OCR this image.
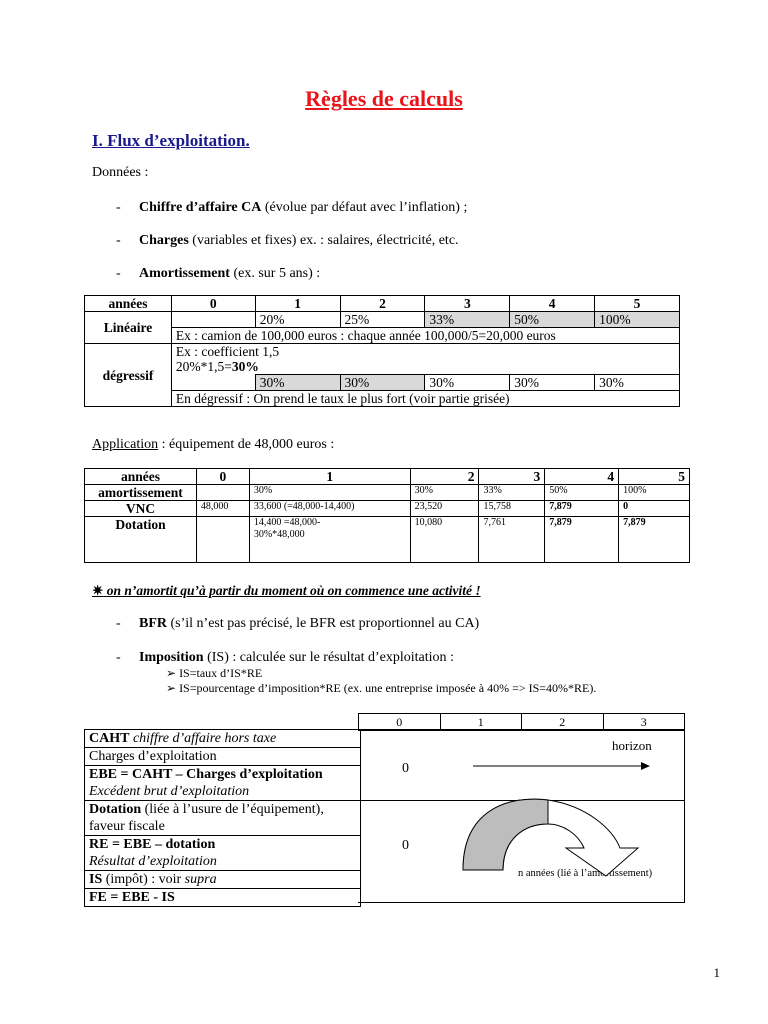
Règles de calculs
I. Flux d’exploitation.
Données :
- Chiffre d’affaire CA (évolue par défaut avec l’inflation) ;
- Charges (variables et fixes) ex. : salaires, électricité, etc.
- Amortissement (ex. sur 5 ans) :
années	0	1	2	3	4	5
Linéaire		20%	25%	33%	50%	100%
	Ex : camion de 100,000 euros : chaque année 100,000/5=20,000 euros					
dégressif	Ex : coefficient 1,5
20%*1,5=30%					

		30%	30%	30%	30%	30%
	En dégressif : On prend le taux le plus fort (voir partie grisée)					
Application : équipement de 48,000 euros :
années	0	1	2	3	4	5
amortissement		30%	30%	33%	50%	100%
VNC	48,000	33,600 (=48,000-14,400)	23,520	15,758	7,879	0
Dotation		14,400 =48,000-30%*48,000	10,080	7,761	7,879	7,879
✷ on n’amortit qu’à partir du moment où on commence une activité !
- BFR (s’il n’est pas précisé, le BFR est proportionnel au CA)
- Imposition (IS) : calculée sur le résultat d’exploitation :
➢ IS=taux d’IS*RE
➢ IS=pourcentage d’imposition*RE (ex. une entreprise imposée à 40% => IS=40%*RE).
CAHT chiffre d’affaire hors taxe
Charges d’exploitation
EBE = CAHT – Charges d’exploitation
Excédent brut d’exploitation
Dotation (liée à l’usure de l’équipement), faveur fiscale
RE = EBE – dotation
Résultat d’exploitation
IS (impôt) : voir supra
FE = EBE - IS
0	1	2	3
0
0
horizon
n années (lié à l’amortissement)
1
